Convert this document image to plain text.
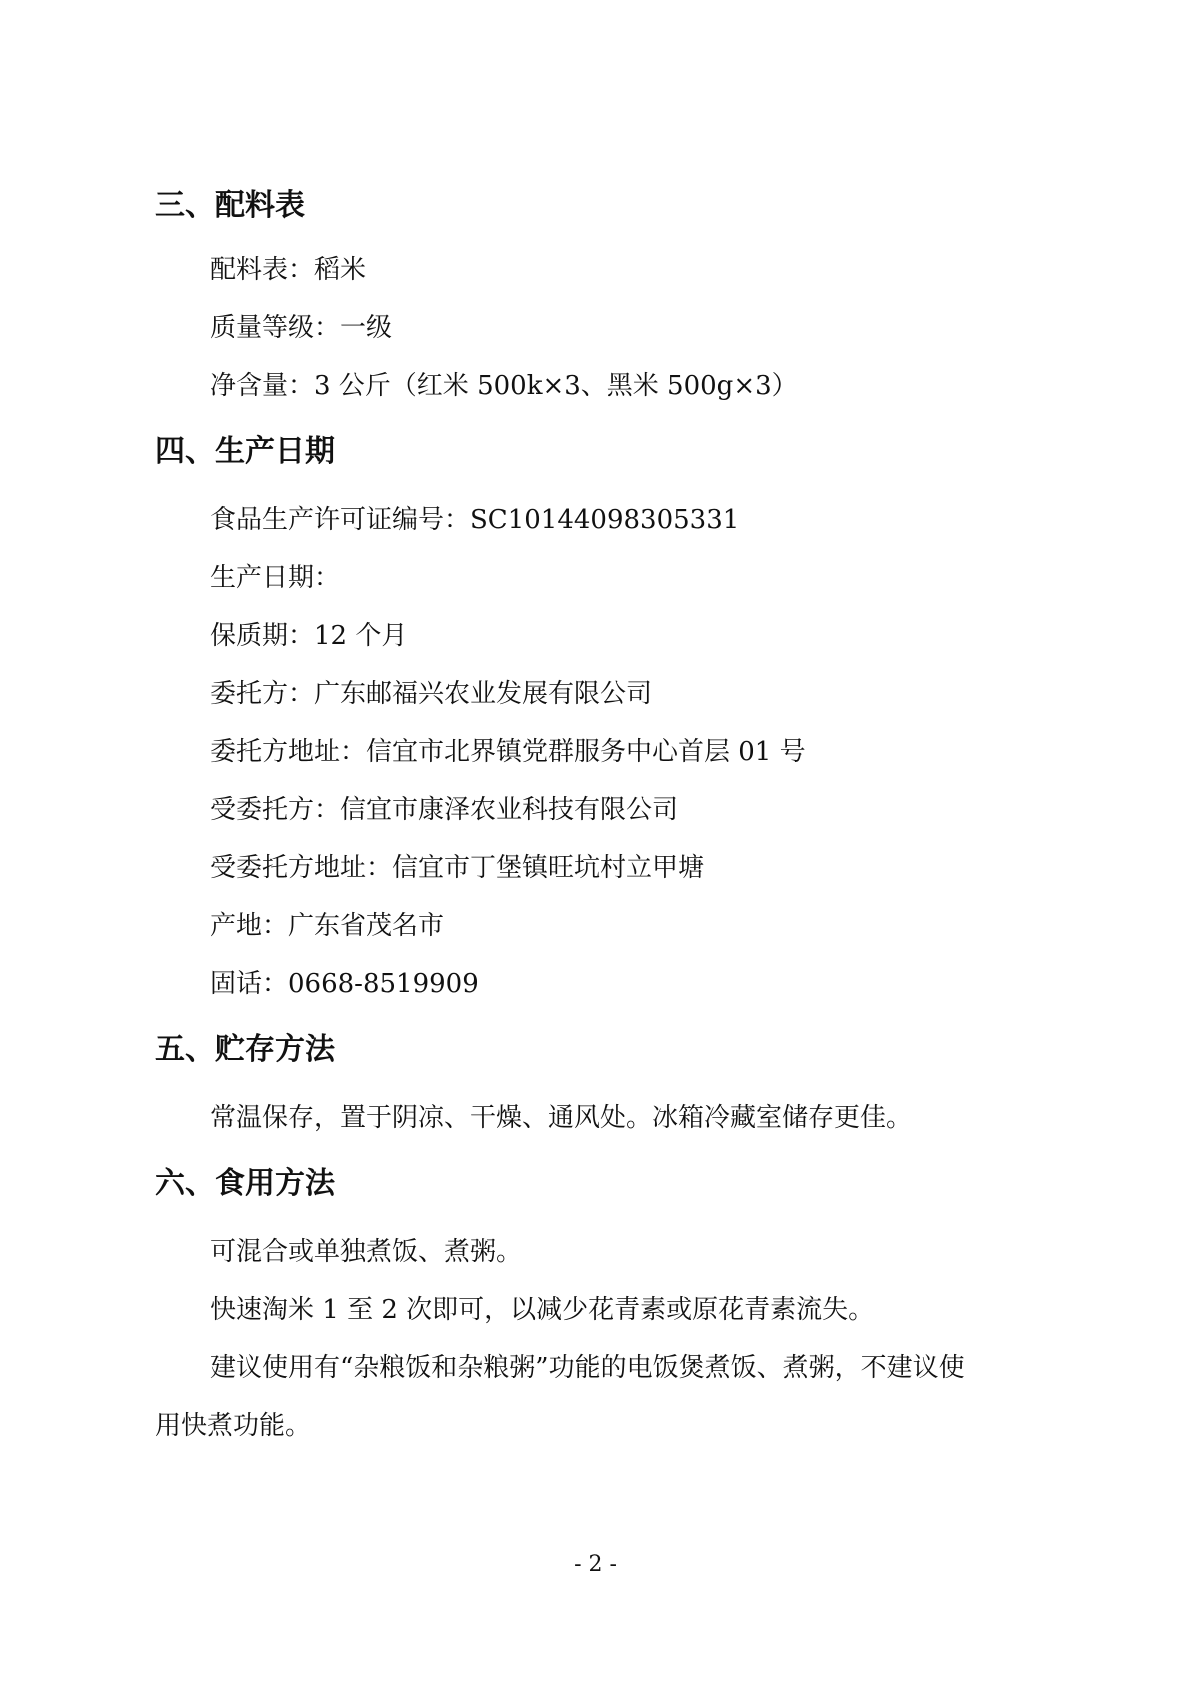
三、配料表
配料表：稻米
质量等级：一级
净含量：3 公斤（红米 500k×3、黑米 500g×3）
四、生产日期
食品生产许可证编号：SC10144098305331
生产日期：
保质期：12 个月
委托方：广东邮福兴农业发展有限公司
委托方地址：信宜市北界镇党群服务中心首层 01 号
受委托方：信宜市康泽农业科技有限公司
受委托方地址：信宜市丁堡镇旺坑村立甲塘
产地：广东省茂名市
固话：0668-8519909
五、贮存方法
常温保存，置于阴凉、干燥、通风处。冰箱冷藏室储存更佳。
六、食用方法
可混合或单独煮饭、煮粥。
快速淘米 1 至 2 次即可，以减少花青素或原花青素流失。
建议使用有“杂粮饭和杂粮粥”功能的电饭煲煮饭、煮粥，不建议使
用快煮功能。
- 2 -
